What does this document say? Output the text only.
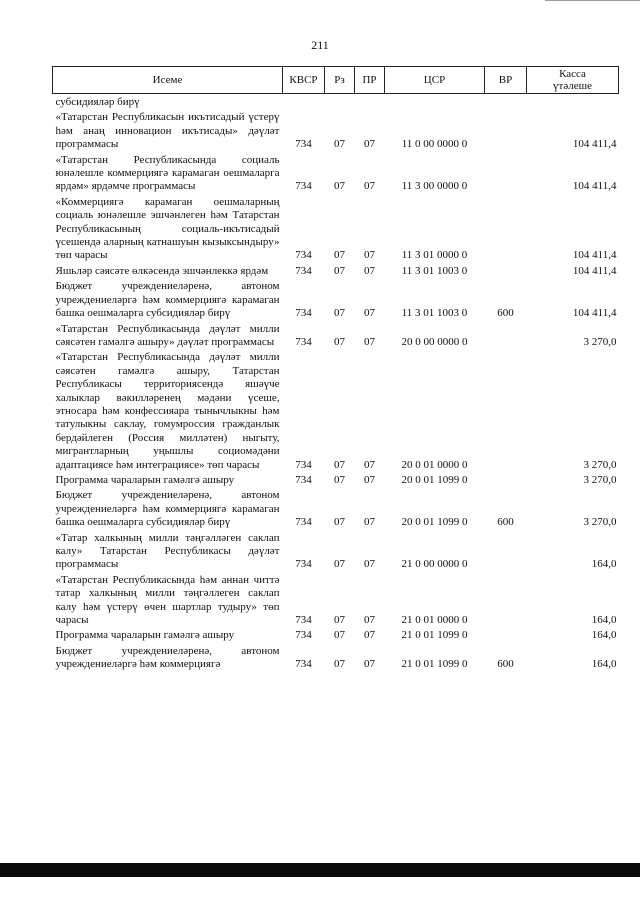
211
Исеме	КВСР	Рз	ПР	ЦСР	ВР	Касса
үтәлеше
субсидияләр бирү						
«Татарстан Республикасын икътисадый үстерү һәм анаң инновацион икътисады» дәүләт программасы	734	07	07	11 0 00 0000 0		104 411,4
«Татарстан Республикасында социаль юнәлешле коммерциягә карамаган оешмаларга ярдәм» ярдәмче программасы	734	07	07	11 3 00 0000 0		104 411,4
«Коммерциягә карамаган оешмаларның социаль юнәлешле эшчәнлеген һәм Татарстан Республикасының социаль-икътисадый үсешендә аларның катнашуын кызыксындыру» төп чарасы	734	07	07	11 3 01 0000 0		104 411,4
Яшьләр сәясәте өлкәсендә эшчәнлеккә ярдәм	734	07	07	11 3 01 1003 0		104 411,4
Бюджет учреждениеләренә, автоном учреждениеләргә һәм коммерциягә карамаган башка оешмаларга субсидияләр бирү	734	07	07	11 3 01 1003 0	600	104 411,4
«Татарстан Республикасында дәүләт милли сәясәтен гамәлгә ашыру» дәүләт программасы	734	07	07	20 0 00 0000 0		3 270,0
«Татарстан Республикасында дәүләт милли сәясәтен гамәлгә ашыру, Татарстан Республикасы территориясендә яшәүче халыклар вәкилләренең мәдәни үсеше, этносара һәм конфессияара тынычлыкны һәм татулыкны саклау, гомумроссия гражданлык бердәйлеген (Россия милләтен) ныгыту, мигрантларның уңышлы социомәдәни адаптациясе һәм интеграциясе» төп чарасы	734	07	07	20 0 01 0000 0		3 270,0
Программа чараларын гамәлгә ашыру	734	07	07	20 0 01 1099 0		3 270,0
Бюджет учреждениеләренә, автоном учреждениеләргә һәм коммерциягә карамаган башка оешмаларга субсидияләр бирү	734	07	07	20 0 01 1099 0	600	3 270,0
«Татар халкының милли тәңгәлләген саклап калу» Татарстан Республикасы дәүләт программасы	734	07	07	21 0 00 0000 0		164,0
«Татарстан Республикасында һәм аннан читтә татар халкының милли тәңгәллеген саклап калу һәм үстерү өчен шартлар тудыру» төп чарасы	734	07	07	21 0 01 0000 0		164,0
Программа чараларын гамәлгә ашыру	734	07	07	21 0 01 1099 0		164,0
Бюджет учреждениеләренә, автоном учреждениеләргә һәм коммерциягә	734	07	07	21 0 01 1099 0	600	164,0
